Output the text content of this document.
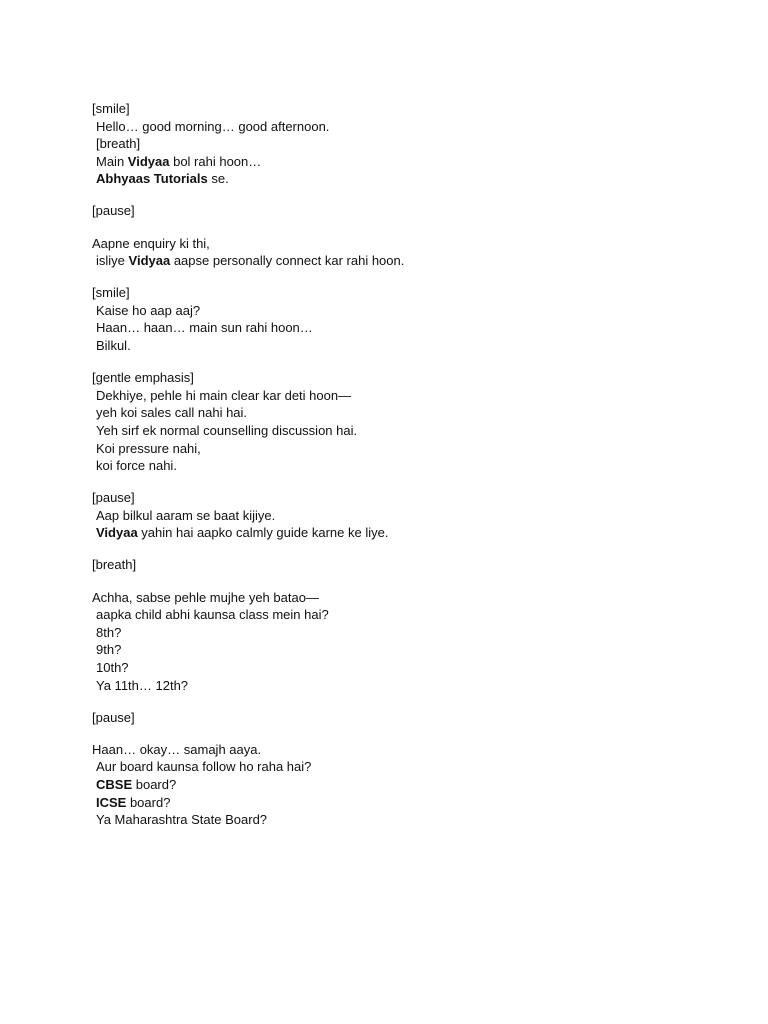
[smile]
Hello… good morning… good afternoon.
[breath]
Main Vidyaa bol rahi hoon…
Abhyaas Tutorials se.
[pause]
Aapne enquiry ki thi,
isliye Vidyaa aapse personally connect kar rahi hoon.
[smile]
Kaise ho aap aaj?
Haan… haan… main sun rahi hoon…
Bilkul.
[gentle emphasis]
Dekhiye, pehle hi main clear kar deti hoon—
yeh koi sales call nahi hai.
Yeh sirf ek normal counselling discussion hai.
Koi pressure nahi,
koi force nahi.
[pause]
Aap bilkul aaram se baat kijiye.
Vidyaa yahin hai aapko calmly guide karne ke liye.
[breath]
Achha, sabse pehle mujhe yeh batao—
aapka child abhi kaunsa class mein hai?
8th?
9th?
10th?
Ya 11th… 12th?
[pause]
Haan… okay… samajh aaya.
Aur board kaunsa follow ho raha hai?
CBSE board?
ICSE board?
Ya Maharashtra State Board?
